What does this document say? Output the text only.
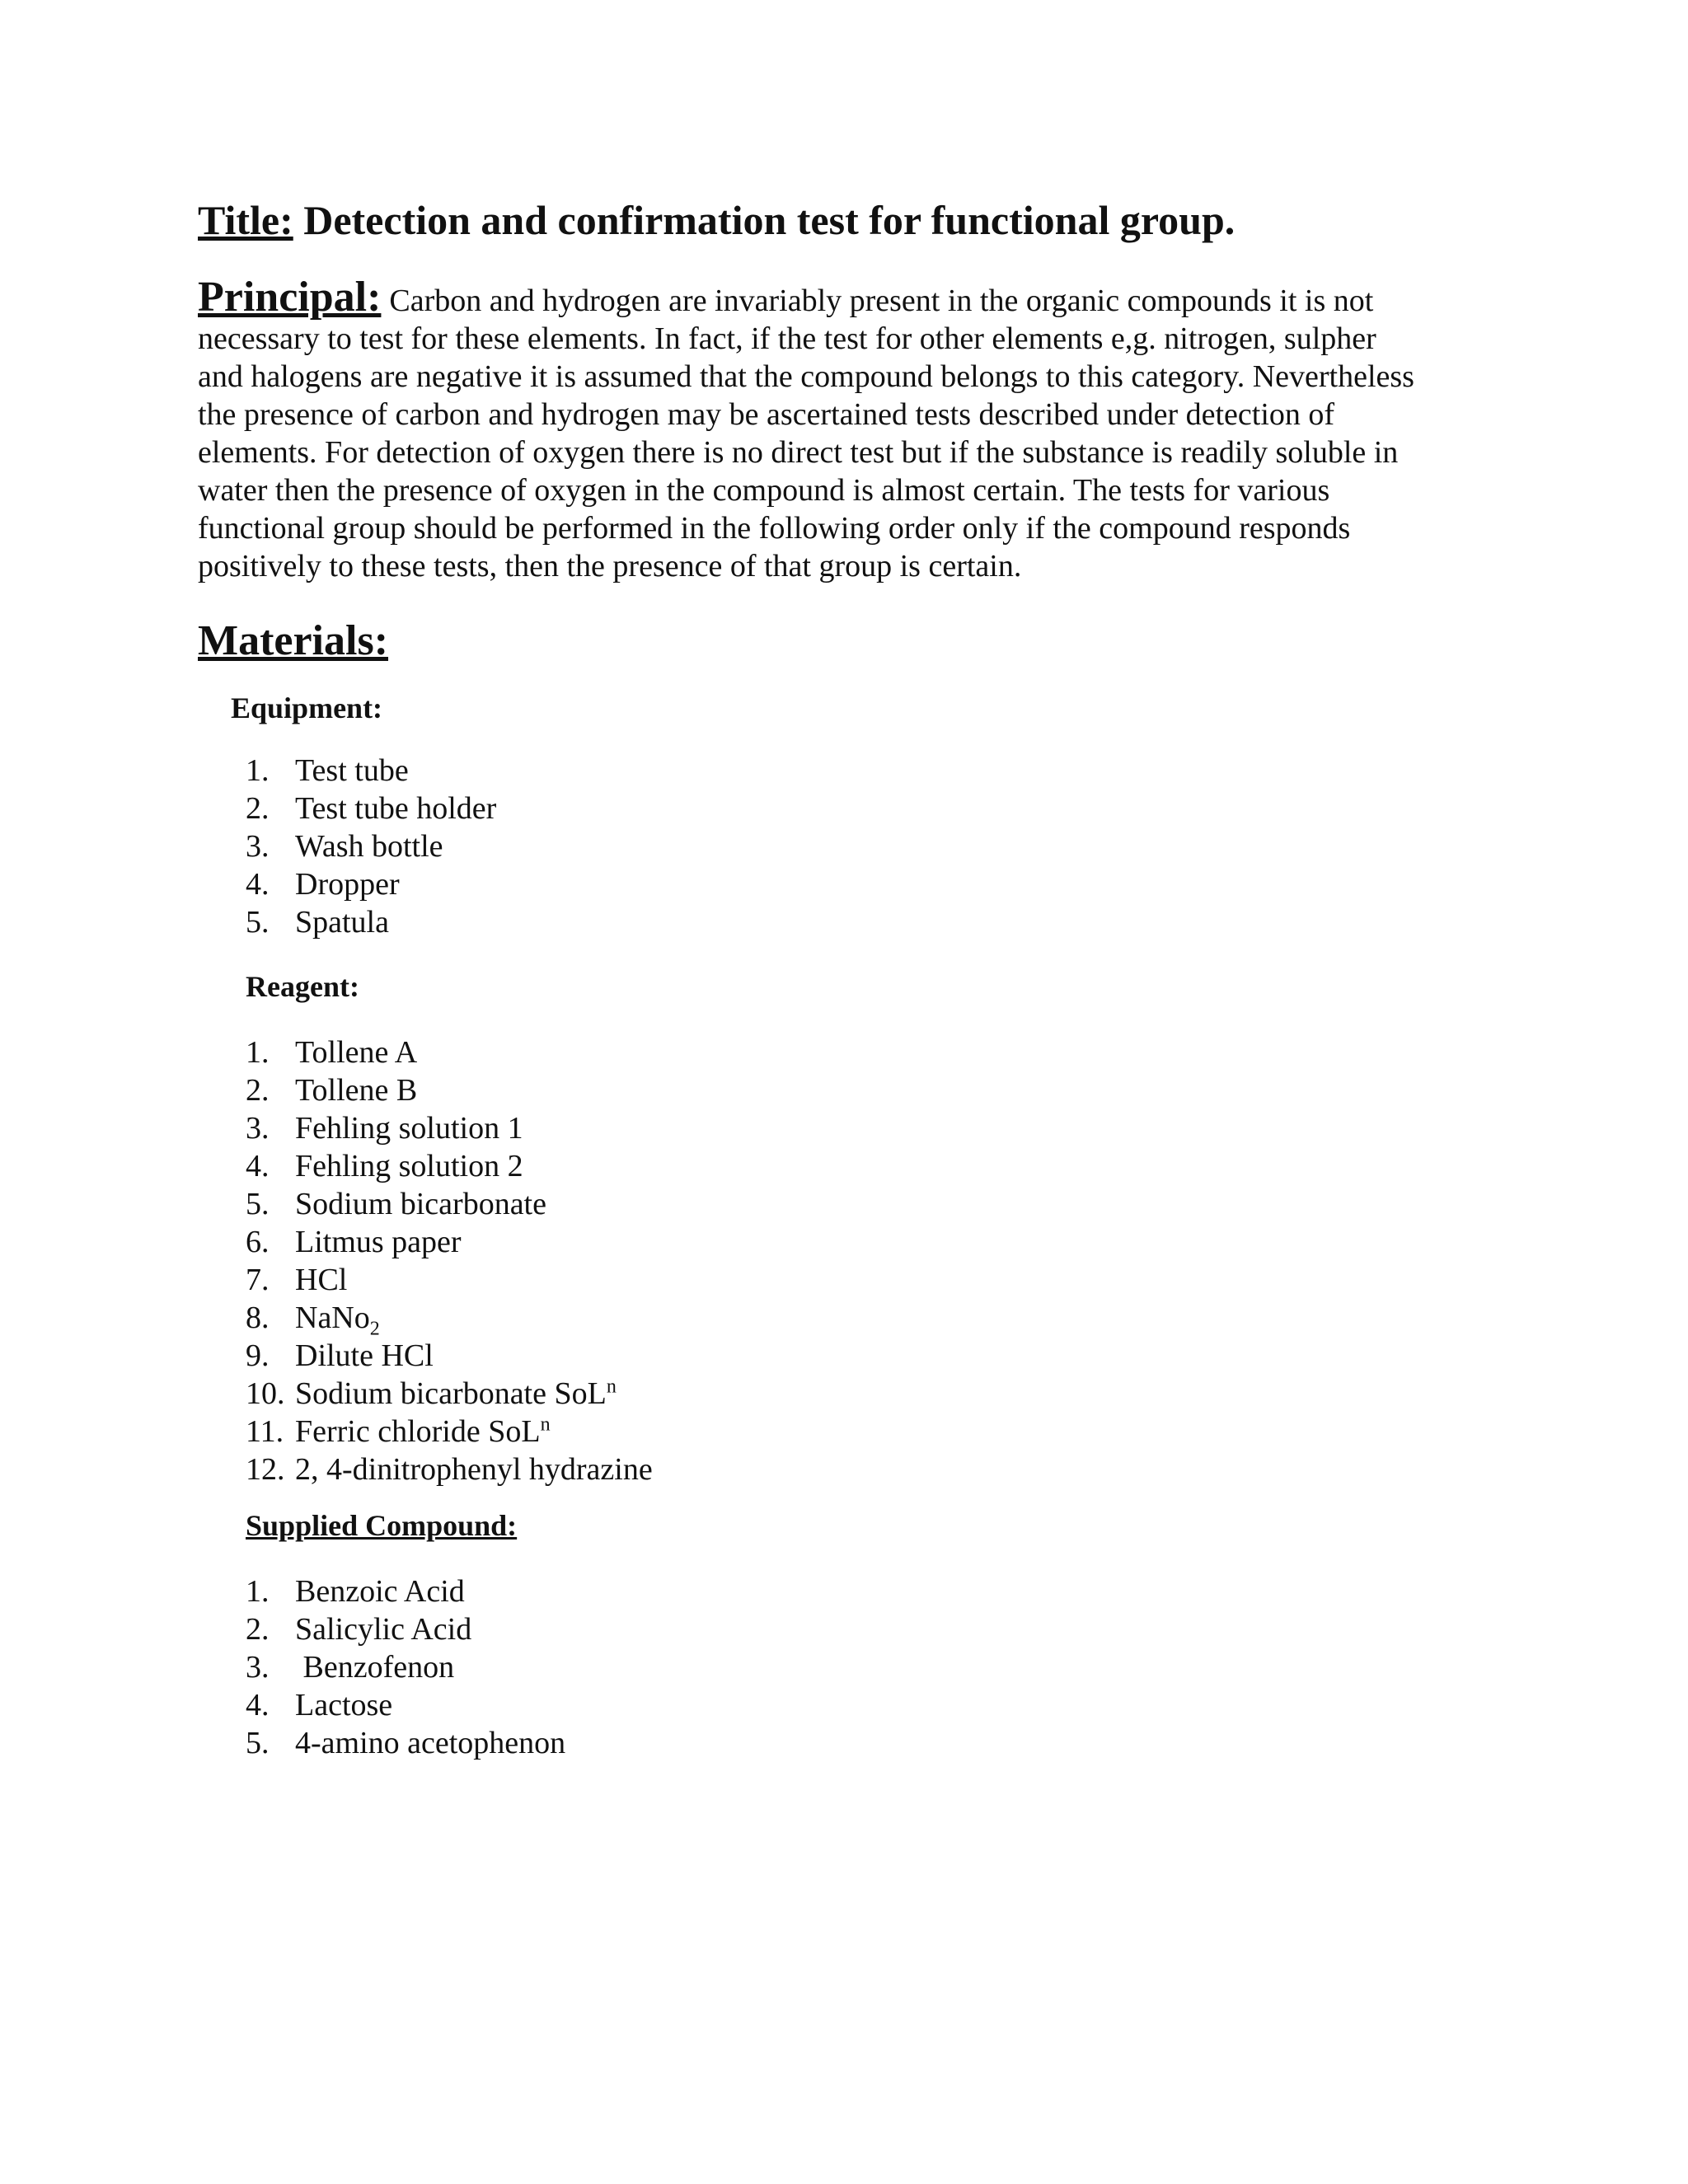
Title: Detection and confirmation test for functional group.

Principal: Carbon and hydrogen are invariably present in the organic compounds it is not

necessary to test for these elements. In fact, if the test for other elements e,g. nitrogen, sulpher

and halogens are negative it is assumed that the compound belongs to this category. Nevertheless

the presence of carbon and hydrogen may be ascertained tests described under detection of

elements. For detection of oxygen there is no direct test but if the substance is readily soluble in

water then the presence of oxygen in the compound is almost certain. The tests for various

functional group should be performed in the following order only if the compound responds

positively to these tests, then the presence of that group is certain.

Materials:
Equipment:
1. Test tube
2. Test tube holder
3. Wash bottle
4. Dropper
5. Spatula
Reagent:
1. Tollene A
2. Tollene B
3. Fehling solution 1
4. Fehling solution 2
5. Sodium bicarbonate
6. Litmus paper
7. HCl
8. NaNo$_2$
9. Dilute HCl
10. Sodium bicarbonate SoL$^n$
11. Ferric chloride SoL$^n$
12. 2, 4-dinitrophenyl hydrazine
Supplied Compound:
1. Benzoic Acid
2. Salicylic Acid
3. Benzofenon
4. Lactose
5. 4-amino acetophenon
